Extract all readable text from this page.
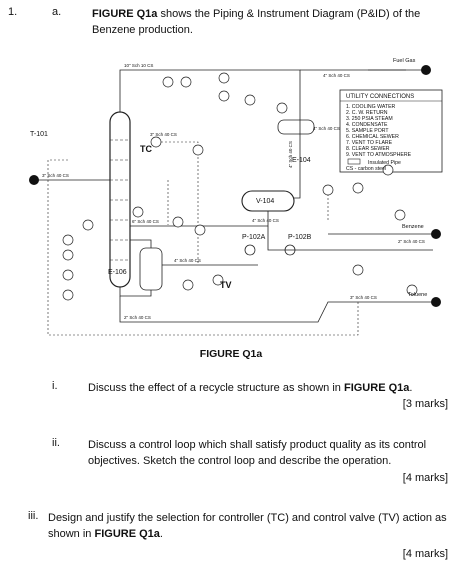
1.	a.	FIGURE Q1a shows the Piping & Instrument Diagram (P&ID) of the Benzene production.
T-101
TC
TV
E-106
E-104
V-104
P-102A	P-102B
Fuel Gas
Benzene
Toluene
10" Sch 10 CS
4" Sch 40 CS
3" Sch 40 CS
3" Sch 40 CS
4" Sch 40 CS
4" Sch 40 CS
6" Sch 40 CS	4" Sch 40 CS
2" Sch 40 CS
4" Sch 40 CS
2" Sch 40 CS
3" Sch 40 CS
UTILITY CONNECTIONS
1. COOLING WATER
2. C. W. RETURN
3. 250 PSIA STEAM
4. CONDENSATE
5. SAMPLE PORT
6. CHEMICAL SEWER
7. VENT TO FLARE
8. CLEAR SEWER
9. VENT TO ATMOSPHERE
Insulated Pipe
CS - carbon steel
FIGURE Q1a
i.	Discuss the effect of a recycle structure as shown in FIGURE Q1a.
[3 marks]
ii.	Discuss a control loop which shall satisfy product quality as its control objectives. Sketch the control loop and describe the operation.
[4 marks]
iii. Design and justify the selection for controller (TC) and control valve (TV) action as shown in FIGURE Q1a.
[4 marks]
